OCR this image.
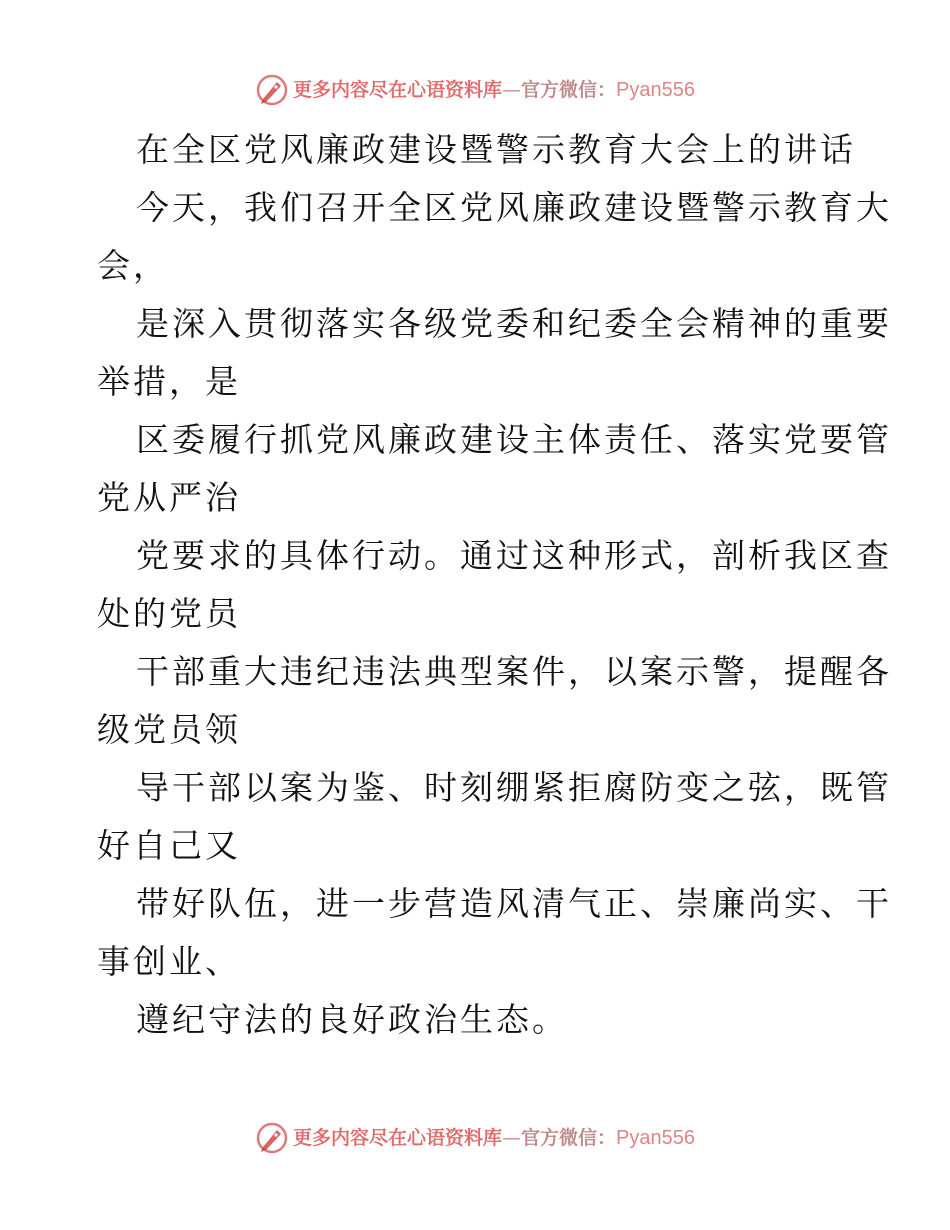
更多内容尽在心语资料库 — 官方微信： Pyan556
在全区党风廉政建设暨警示教育大会上的讲话
今天，我们召开全区党风廉政建设暨警示教育大
会，
是深入贯彻落实各级党委和纪委全会精神的重要
举措，是
区委履行抓党风廉政建设主体责任、落实党要管
党从严治
党要求的具体行动。通过这种形式，剖析我区查
处的党员
干部重大违纪违法典型案件，以案示警，提醒各
级党员领
导干部以案为鉴、时刻绷紧拒腐防变之弦，既管
好自己又
带好队伍，进一步营造风清气正、崇廉尚实、干
事创业、
遵纪守法的良好政治生态。
更多内容尽在心语资料库 — 官方微信： Pyan556
